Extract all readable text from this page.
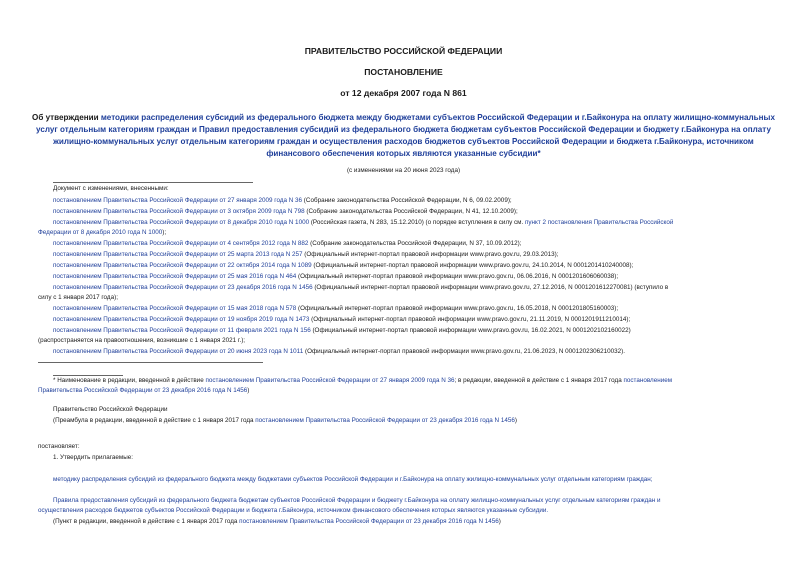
ПРАВИТЕЛЬСТВО РОССИЙСКОЙ ФЕДЕРАЦИИ
ПОСТАНОВЛЕНИЕ
от 12 декабря 2007 года N 861
Об утверждении методики распределения субсидий из федерального бюджета между бюджетами субъектов Российской Федерации и г.Байконура на оплату жилищно-коммунальных услуг отдельным категориям граждан и Правил предоставления субсидий из федерального бюджета бюджетам субъектов Российской Федерации и бюджету г.Байконура на оплату жилищно-коммунальных услуг отдельным категориям граждан и осуществления расходов бюджетов субъектов Российской Федерации и бюджета г.Байконура, источником финансового обеспечения которых являются указанные субсидии*
(с изменениями на 20 июня 2023 года)
Документ с изменениями, внесенными:
постановлением Правительства Российской Федерации от 27 января 2009 года N 36 (Собрание законодательства Российской Федерации, N 6, 09.02.2009);
постановлением Правительства Российской Федерации от 3 октября 2009 года N 798 (Собрание законодательства Российской Федерации, N 41, 12.10.2009);
постановлением Правительства Российской Федерации от 8 декабря 2010 года N 1000 (Российская газета, N 283, 15.12.2010) (о порядке вступления в силу см. пункт 2 постановления Правительства Российской
Федерации от 8 декабря 2010 года N 1000);
постановлением Правительства Российской Федерации от 4 сентября 2012 года N 882 (Собрание законодательства Российской Федерации, N 37, 10.09.2012);
постановлением Правительства Российской Федерации от 25 марта 2013 года N 257 (Официальный интернет-портал правовой информации www.pravo.gov.ru, 29.03.2013);
постановлением Правительства Российской Федерации от 22 октября 2014 года N 1089 (Официальный интернет-портал правовой информации www.pravo.gov.ru, 24.10.2014, N 0001201410240008);
постановлением Правительства Российской Федерации от 25 мая 2016 года N 464 (Официальный интернет-портал правовой информации www.pravo.gov.ru, 06.06.2016, N 0001201606060038);
постановлением Правительства Российской Федерации от 23 декабря 2016 года N 1456 (Официальный интернет-портал правовой информации www.pravo.gov.ru, 27.12.2016, N 0001201612270081) (вступило в
силу с 1 января 2017 года);
постановлением Правительства Российской Федерации от 15 мая 2018 года N 578 (Официальный интернет-портал правовой информации www.pravo.gov.ru, 16.05.2018, N 0001201805160003);
постановлением Правительства Российской Федерации от 19 ноября 2019 года N 1473 (Официальный интернет-портал правовой информации www.pravo.gov.ru, 21.11.2019, N 0001201911210014);
постановлением Правительства Российской Федерации от 11 февраля 2021 года N 156 (Официальный интернет-портал правовой информации www.pravo.gov.ru, 16.02.2021, N 0001202102160022)
(распространяется на правоотношения, возникшие с 1 января 2021 г.);
постановлением Правительства Российской Федерации от 20 июня 2023 года N 1011 (Официальный интернет-портал правовой информации www.pravo.gov.ru, 21.06.2023, N 0001202306210032).
* Наименование в редакции, введенной в действие постановлением Правительства Российской Федерации от 27 января 2009 года N 36; в редакции, введенной в действие с 1 января 2017 года постановлением
Правительства Российской Федерации от 23 декабря 2016 года N 1456)
Правительство Российской Федерации
(Преамбула в редакции, введенной в действие с 1 января 2017 года постановлением Правительства Российской Федерации от 23 декабря 2016 года N 1456)
постановляет:
1. Утвердить прилагаемые:
методику распределения субсидий из федерального бюджета между бюджетами субъектов Российской Федерации и г.Байконура на оплату жилищно-коммунальных услуг отдельным категориям граждан;
Правила предоставления субсидий из федерального бюджета бюджетам субъектов Российской Федерации и бюджету г.Байконура на оплату жилищно-коммунальных услуг отдельным категориям граждан и
осуществления расходов бюджетов субъектов Российской Федерации и бюджета г.Байконура, источником финансового обеспечения которых являются указанные субсидии.
(Пункт в редакции, введенной в действие с 1 января 2017 года постановлением Правительства Российской Федерации от 23 декабря 2016 года N 1456)
